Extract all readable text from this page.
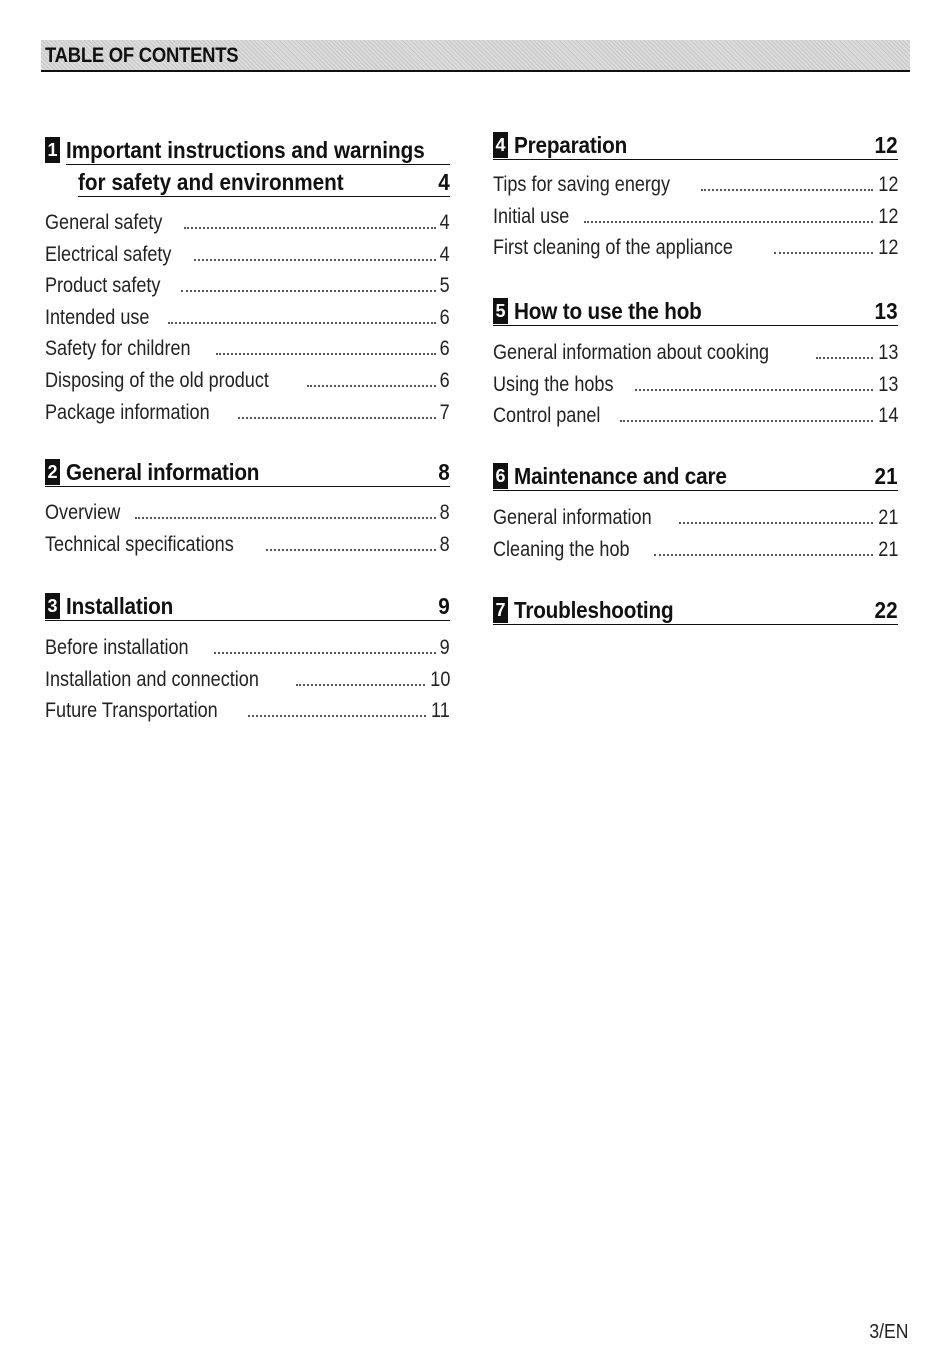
TABLE OF CONTENTS
1 Important instructions and warnings
for safety and environment	4
General safety	4
Electrical safety	4
Product safety	5
Intended use	6
Safety for children	6
Disposing of the old product	6
Package information	7
2 General information	8
Overview	8
Technical specifications	8
3 Installation	9
Before installation	9
Installation and connection	10
Future Transportation	11
4 Preparation	12
Tips for saving energy	12
Initial use	12
First cleaning of the appliance	12
5 How to use the hob	13
General information about cooking	13
Using the hobs	13
Control panel	14
6 Maintenance and care	21
General information	21
Cleaning the hob	21
7 Troubleshooting	22
3/EN
